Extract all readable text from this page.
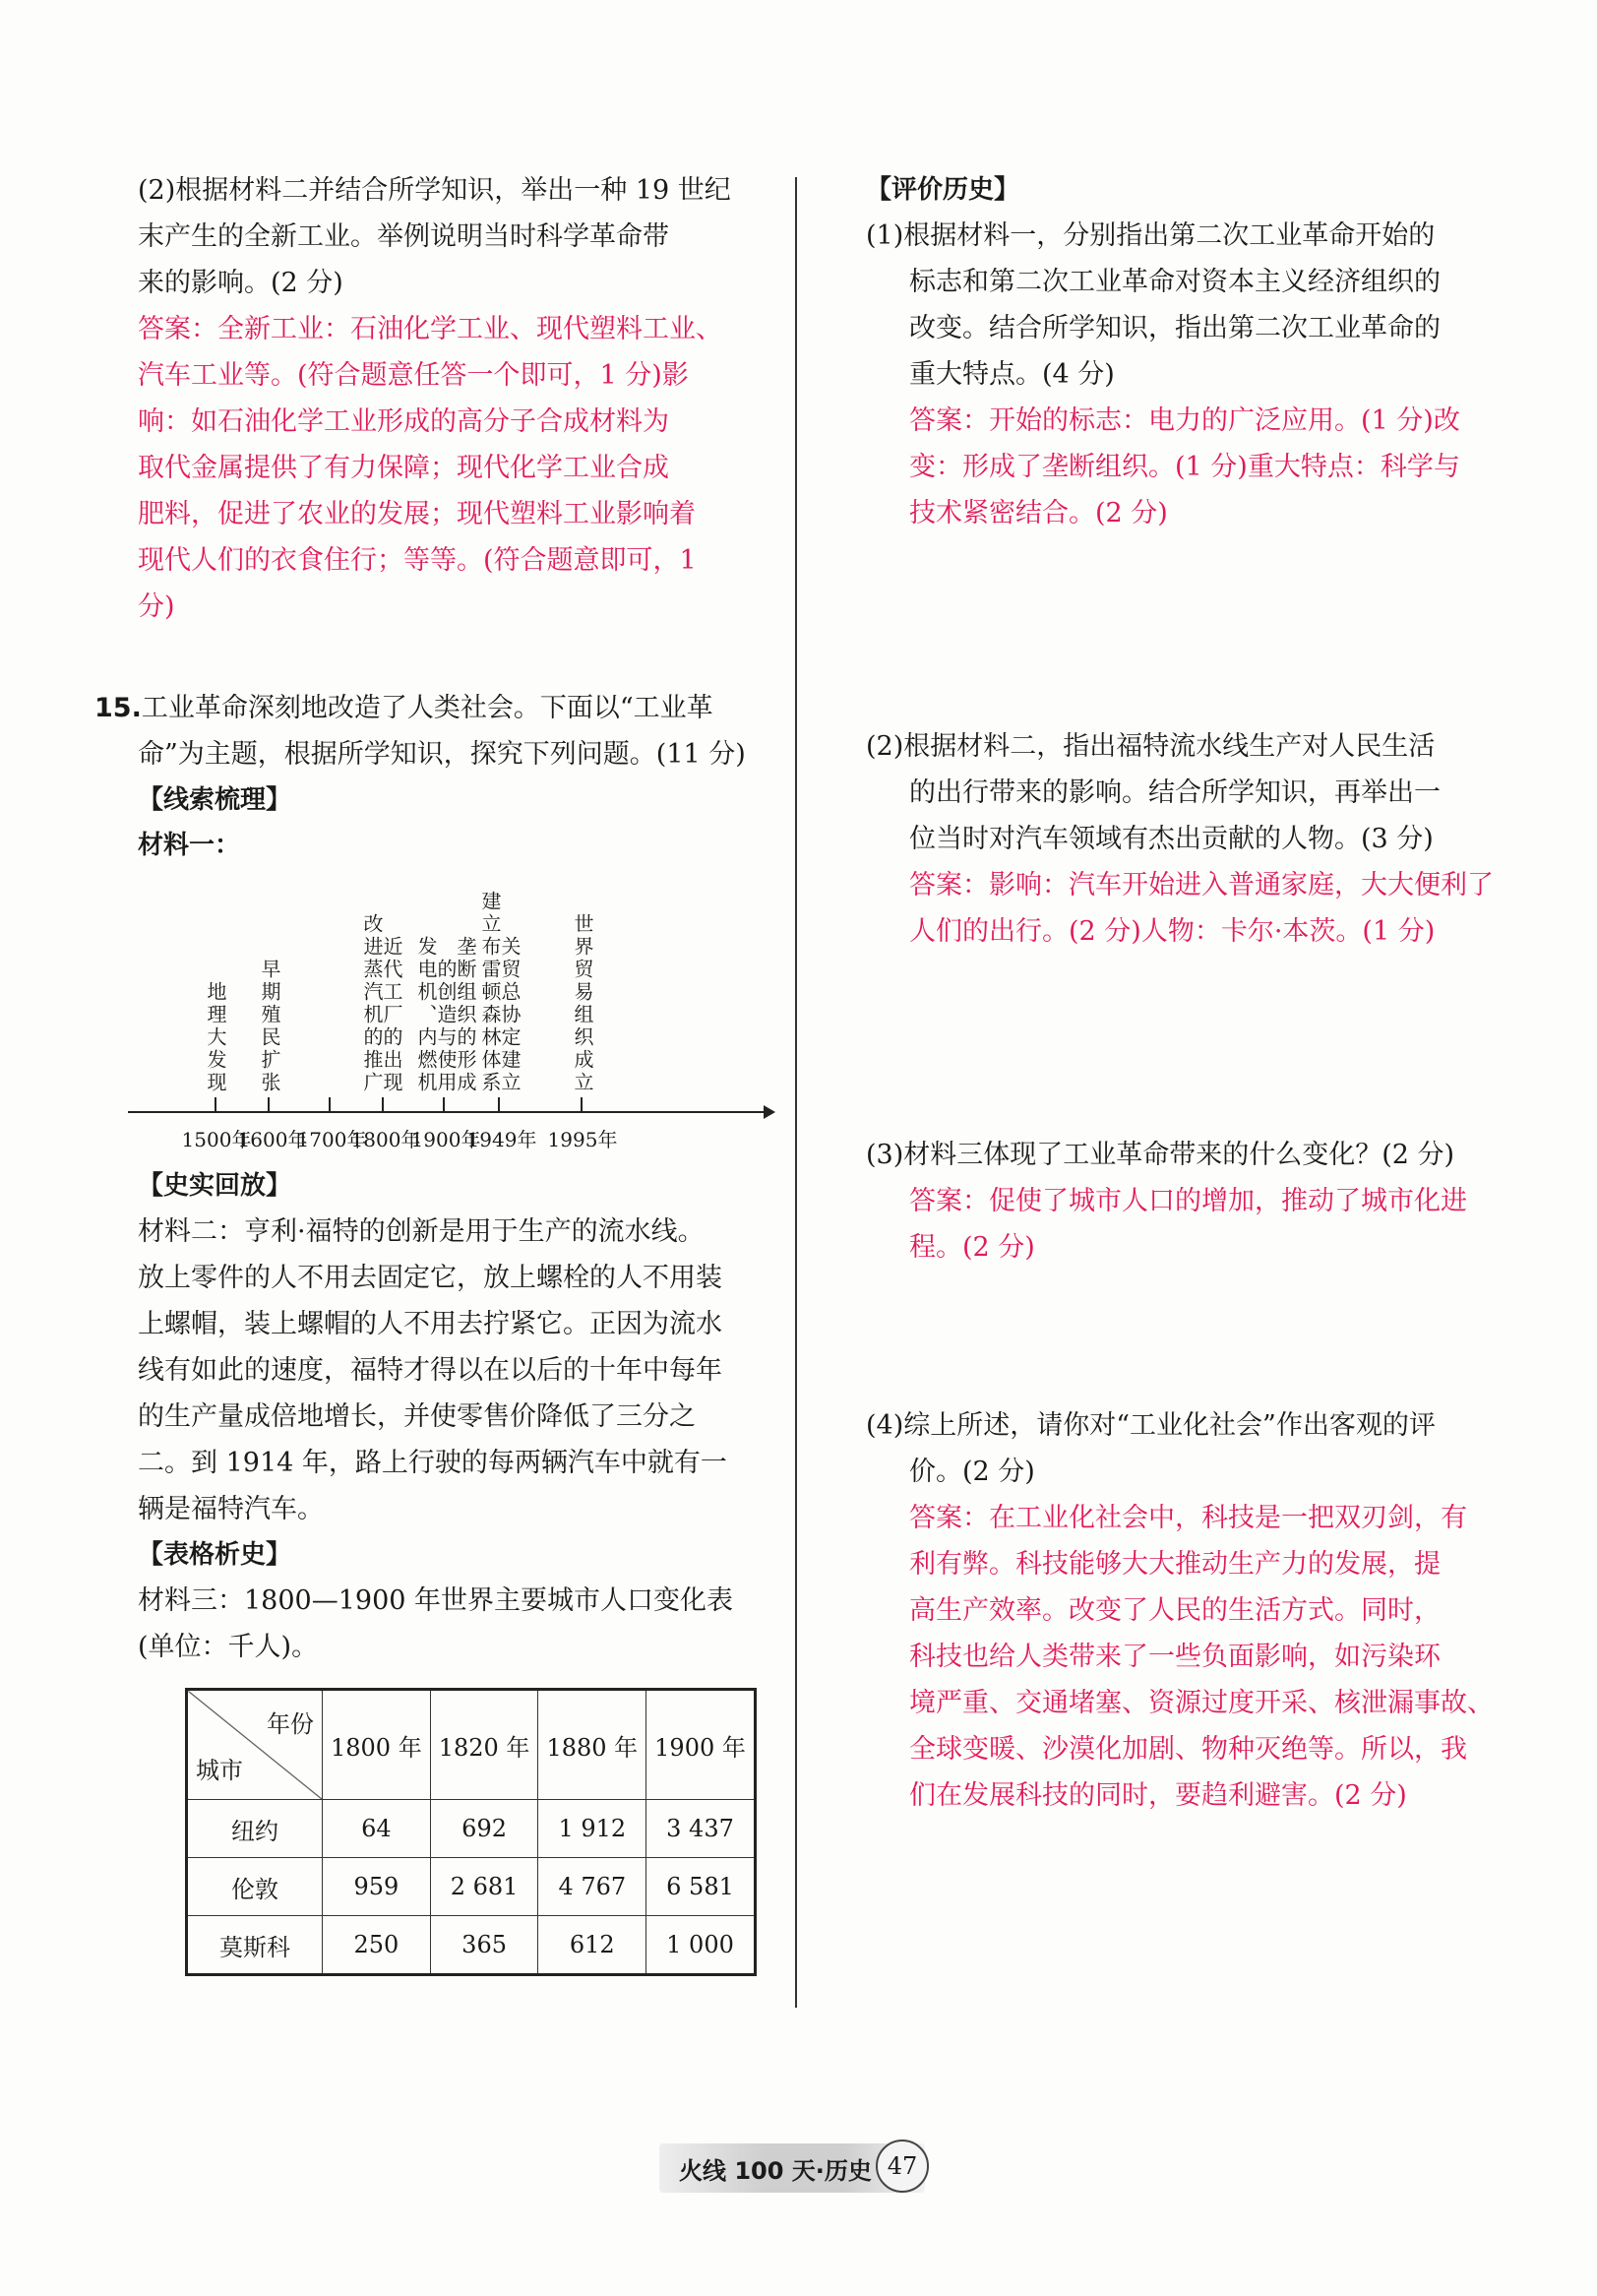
(2)根据材料二并结合所学知识，举出一种 19 世纪

末产生的全新工业。举例说明当时科学革命带

来的影响。(2 分)

答案：全新工业：石油化学工业、现代塑料工业、

汽车工业等。(符合题意任答一个即可，1 分)影

响：如石油化学工业形成的高分子合成材料为

取代金属提供了有力保障；现代化学工业合成

肥料，促进了农业的发展；现代塑料工业影响着

现代人们的衣食住行；等等。(符合题意即可，1

分)

15.工业革命深刻地改造了人类社会。下面以“工业革

命”为主题，根据所学知识，探究下列问题。(11 分)

【线索梳理】

材料一：

地理大发现 早期殖民扩张	改进蒸汽机的推广
近代工厂的出现 发电机、内燃机
的创造与使用
垄断组织的形成 建立布雷顿森林体系
关贸总协定建立	世界贸易组织成立
1500年
1600年
1700年
1800年
1900年
1949年 1995年

【史实回放】

材料二：亨利·福特的创新是用于生产的流水线。

放上零件的人不用去固定它，放上螺栓的人不用装

上螺帽，装上螺帽的人不用去拧紧它。正因为流水

线有如此的速度，福特才得以在以后的十年中每年

的生产量成倍地增长，并使零售价降低了三分之

二。到 1914 年，路上行驶的每两辆汽车中就有一

辆是福特汽车。

【表格析史】

材料三：1800—1900 年世界主要城市人口变化表

(单位：千人)。

年份
城市	1800 年	1820 年	1880 年	1900 年
纽约	64	692	1 912	3 437
伦敦	959	2 681	4 767	6 581
莫斯科	250	365	612	1 000

【评价历史】

(1)根据材料一，分别指出第二次工业革命开始的

标志和第二次工业革命对资本主义经济组织的

改变。结合所学知识，指出第二次工业革命的

重大特点。(4 分)

答案：开始的标志：电力的广泛应用。(1 分)改

变：形成了垄断组织。(1 分)重大特点：科学与

技术紧密结合。(2 分)

(2)根据材料二，指出福特流水线生产对人民生活

的出行带来的影响。结合所学知识，再举出一

位当时对汽车领域有杰出贡献的人物。(3 分)

答案：影响：汽车开始进入普通家庭，大大便利了

人们的出行。(2 分)人物：卡尔·本茨。(1 分)

(3)材料三体现了工业革命带来的什么变化？(2 分)

答案：促使了城市人口的增加，推动了城市化进

程。(2 分)

(4)综上所述，请你对“工业化社会”作出客观的评

价。(2 分)

答案：在工业化社会中，科技是一把双刃剑，有

利有弊。科技能够大大推动生产力的发展，提

高生产效率。改变了人民的生活方式。同时，

科技也给人类带来了一些负面影响，如污染环

境严重、交通堵塞、资源过度开采、核泄漏事故、

全球变暖、沙漠化加剧、物种灭绝等。所以，我

们在发展科技的同时，要趋利避害。(2 分)

火线 100 天·历史 47
